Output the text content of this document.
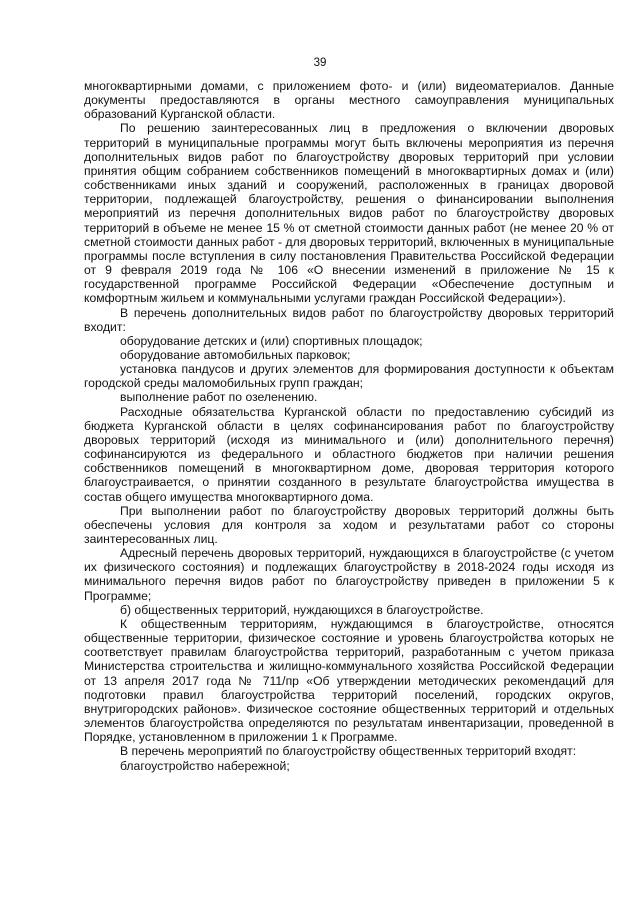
39

многоквартирными домами, с приложением фото- и (или) видеоматериалов. Данные документы предоставляются в органы местного самоуправления муниципальных образований Курганской области.

По решению заинтересованных лиц в предложения о включении дворовых территорий в муниципальные программы могут быть включены мероприятия из перечня дополнительных видов работ по благоустройству дворовых территорий при условии принятия общим собранием собственников помещений в многоквартирных домах и (или) собственниками иных зданий и сооружений, расположенных в границах дворовой территории, подлежащей благоустройству, решения о финансировании выполнения мероприятий из перечня дополнительных видов работ по благоустройству дворовых территорий в объеме не менее 15 % от сметной стоимости данных работ (не менее 20 % от сметной стоимости данных работ - для дворовых территорий, включенных в муниципальные программы после вступления в силу постановления Правительства Российской Федерации от 9 февраля 2019 года № 106 «О внесении изменений в приложение № 15 к государственной программе Российской Федерации «Обеспечение доступным и комфортным жильем и коммунальными услугами граждан Российской Федерации»).

В перечень дополнительных видов работ по благоустройству дворовых территорий входит:

оборудование детских и (или) спортивных площадок;

оборудование автомобильных парковок;

установка пандусов и других элементов для формирования доступности к объектам городской среды маломобильных групп граждан;

выполнение работ по озеленению.

Расходные обязательства Курганской области по предоставлению субсидий из бюджета Курганской области в целях софинансирования работ по благоустройству дворовых территорий (исходя из минимального и (или) дополнительного перечня) софинансируются из федерального и областного бюджетов при наличии решения собственников помещений в многоквартирном доме, дворовая территория которого благоустраивается, о принятии созданного в результате благоустройства имущества в состав общего имущества многоквартирного дома.

При выполнении работ по благоустройству дворовых территорий должны быть обеспечены условия для контроля за ходом и результатами работ со стороны заинтересованных лиц.

Адресный перечень дворовых территорий, нуждающихся в благоустройстве (с учетом их физического состояния) и подлежащих благоустройству в 2018-2024 годы исходя из минимального перечня видов работ по благоустройству приведен в приложении 5 к Программе;

б) общественных территорий, нуждающихся в благоустройстве.

К общественным территориям, нуждающимся в благоустройстве, относятся общественные территории, физическое состояние и уровень благоустройства которых не соответствует правилам благоустройства территорий, разработанным с учетом приказа Министерства строительства и жилищно-коммунального хозяйства Российской Федерации от 13 апреля 2017 года № 711/пр «Об утверждении методических рекомендаций для подготовки правил благоустройства территорий поселений, городских округов, внутригородских районов». Физическое состояние общественных территорий и отдельных элементов благоустройства определяются по результатам инвентаризации, проведенной в Порядке, установленном в приложении 1 к Программе.

В перечень мероприятий по благоустройству общественных территорий входят:

благоустройство набережной;
